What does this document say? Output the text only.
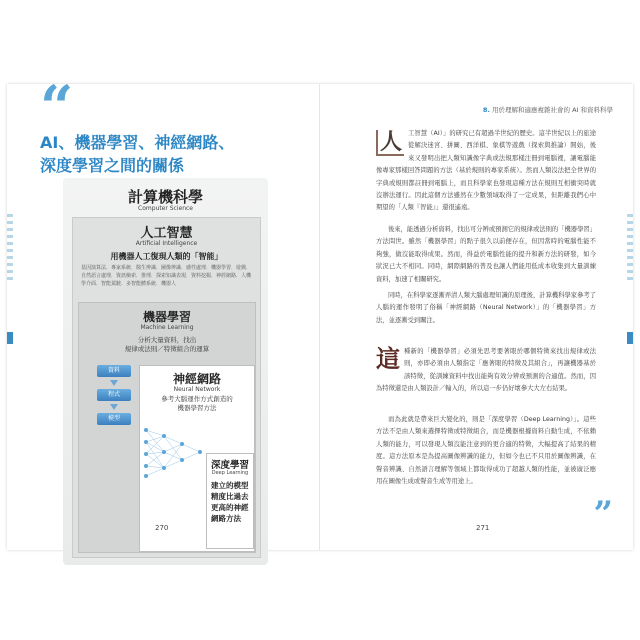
“
AI、機器學習、神經網路、
深度學習之間的關係
計算機科學
Computer Science
人工智慧
Artificial Intelligence
用機器人工復現人類的「智能」
基因演算法．專家系統．醫生辨識．圖像辨識．感性處理．機器學習．遊戲．自然語言處理．資訊檢索．推理．探索知識表現．資料挖掘．神經網路．人機學介面．智能駕駛．多智能體系統．機器人
機器學習
Machine Learning
分析大量資料，找出
規律或法則／特徵組合的運算
資料
程式
模型
神經網路
Neural Network
參考大腦運作方式創造的
機器學習方法
深度學習
Deep Learning
建立的模型精度比過去更高的神經網路方法
270
8. 用於理解和適應複雜社會的 AI 和資料科學
人 工智慧（AI）」的研究已有超過半世紀的歷史。這半世紀以上的旅途從解決迷宮、拼圖、西洋棋、象棋等遊戲（探索與推論）開始，後來又發明出把人類知識像字典或法規那樣注冊到電腦裡，讓電腦能像專家那樣回答問題的方法（基於規則的專家系統）。然而人類沒法把全世界的字典或規則都註冊到電腦上，而且科學家也發現這種方法在規則互相衝突時就沒辦法運行。因此這個方法雖然在少數領域取得了一定成果，但距離我們心中期望的「人類『智能』」還很遙遠。
後來，能透過分析資料，找出可分辨或預測它的規律或法則的「機器學習」方法問世。雖然「機器學習」的點子很久以前便存在，但因當時的電腦性能不夠強，做沒能取得成果。然而，得益於電腦性能的提升和新方法的研發，如今狀況已大不相同。同時，網際網路的普及也讓人們能用低成本收集到大量訓練資料，加速了相關研究。
同時，在科學家逐漸弄清人類大腦處理知識的原理後，計算機科學家參考了人腦的運作發明了俗稱「神經網路（Neural Network）」的「機器學習」方法，並逐漸受到關注。
這 種新的「機器學習」必須先思考要著眼於哪個特徵來找出規律或法則，亦即必須由人類指定「應著眼的特徵及其組合」，再讓機器基於該特徵，從訓練資料中找出能夠有效分辨或預測的合適值。然而，因為特徵還是由人類設計／輸入的，所以這一步仍好壞參大大左右結果。
而為此就是帶來巨大變化的，則是「深度學習（Deep Learning）」。這些方法不是由人類來選擇特徵或特徵組合，而是機器根據資料自動生成，不依賴人類的能力，可以發現人類沒能注意到的更合適的特徵，大幅提高了結果的精度。這方法原本是為提高圖像辨識的能力，但如今也已不只用於圖像辨識，在聲音辨識、自然語言理解等領域上都取得成功了超越人類的性能，並被廣泛應用在圖像生成或聲音生成等用途上。
271	”
